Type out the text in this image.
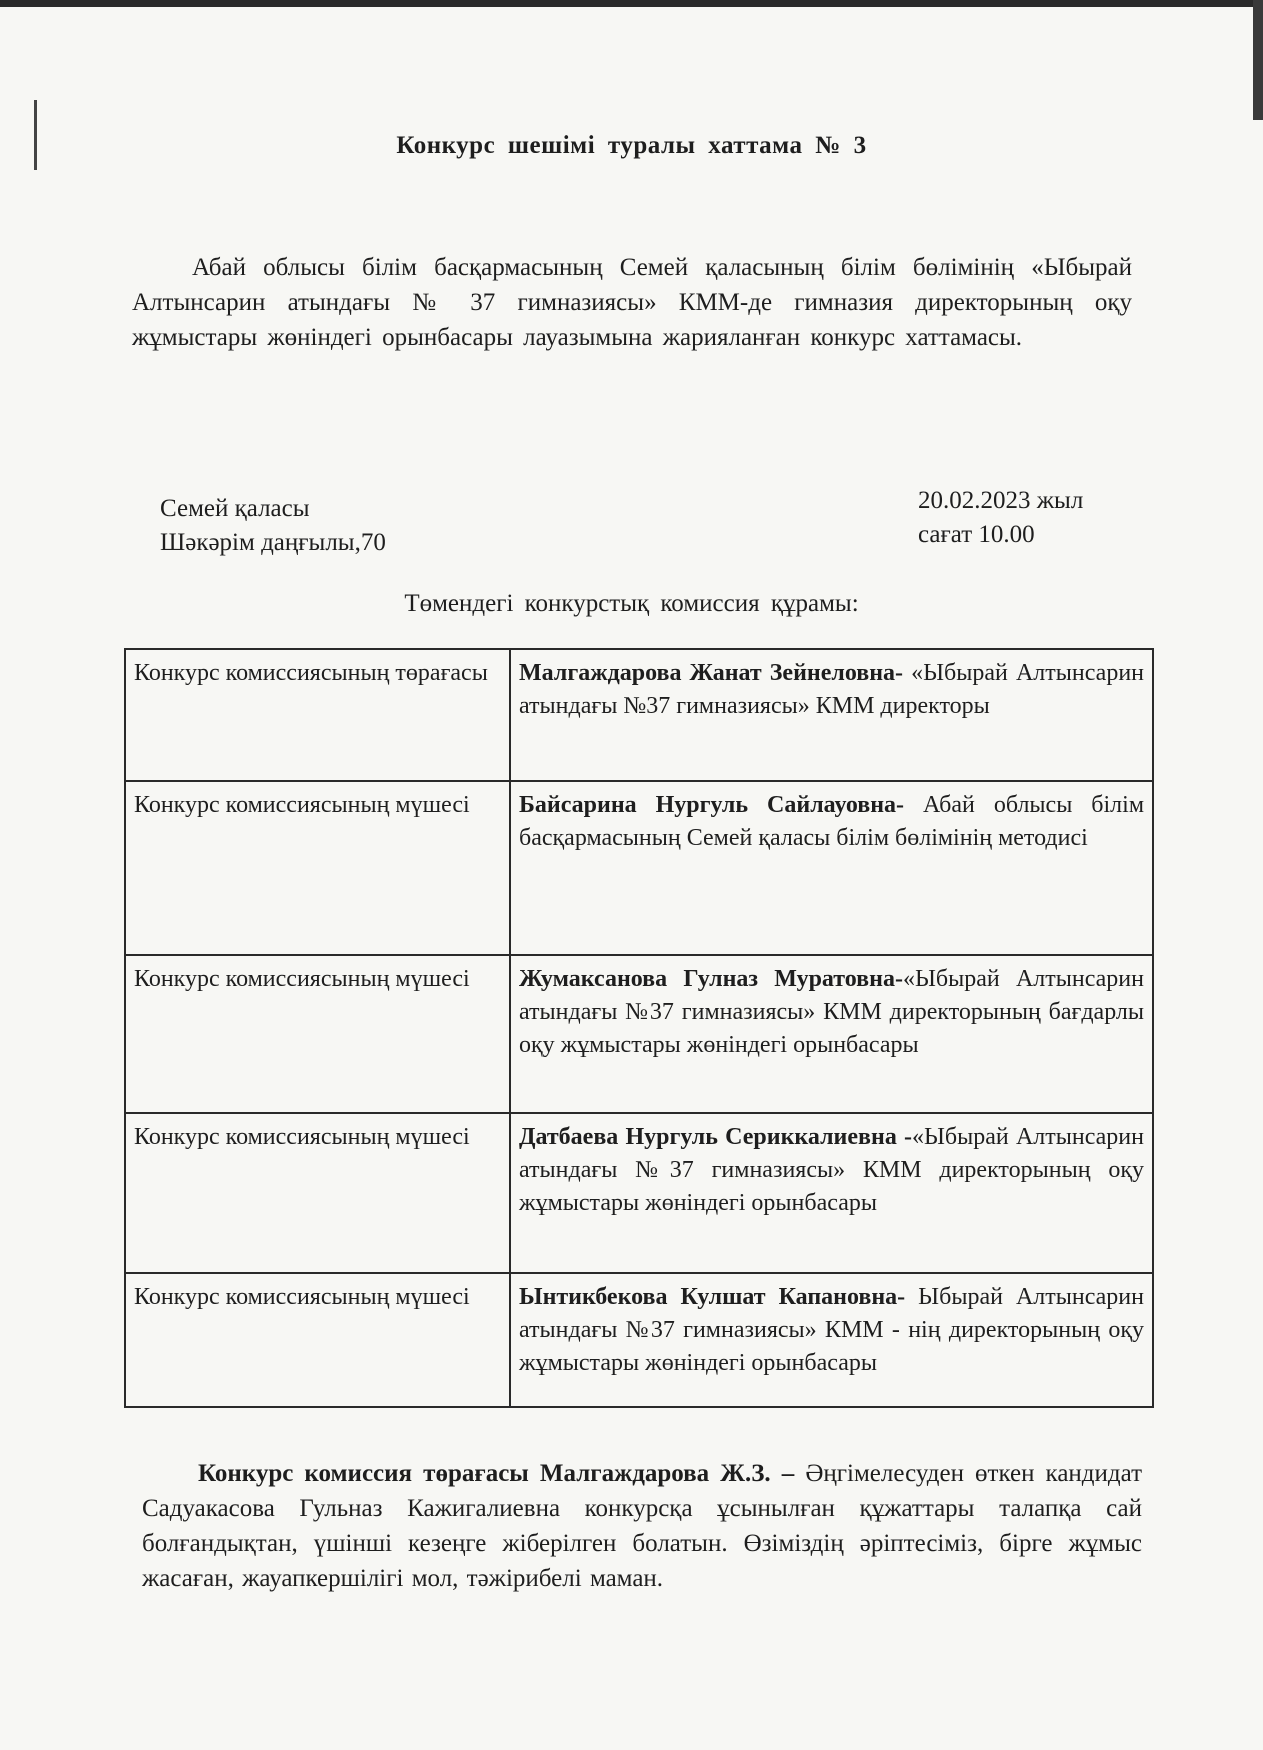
Конкурс шешімі туралы хаттама № 3
Абай облысы білім басқармасының Семей қаласының білім бөлімінің «Ыбырай Алтынсарин атындағы № 37 гимназиясы» КММ-де гимназия директорының оқу жұмыстары жөніндегі орынбасары лауазымына жарияланған конкурс хаттамасы.
Семей қаласы
Шәкәрім даңғылы,70
20.02.2023 жыл
сағат 10.00
Төмендегі конкурстық комиссия құрамы:
Конкурс комиссиясының төрағасы	Малгаждарова Жанат Зейнеловна- «Ыбырай Алтынсарин атындағы №37 гимназиясы» КММ директоры
Конкурс комиссиясының мүшесі	Байсарина Нургуль Сайлауовна- Абай облысы білім басқармасының Семей қаласы білім бөлімінің методисі
Конкурс комиссиясының мүшесі	Жумаксанова Гулназ Муратовна-«Ыбырай Алтынсарин атындағы №37 гимназиясы» КММ директорының бағдарлы оқу жұмыстары жөніндегі орынбасары
Конкурс комиссиясының мүшесі	Датбаева Нургуль Сериккалиевна -«Ыбырай Алтынсарин атындағы №37 гимназиясы» КММ директорының оқу жұмыстары жөніндегі орынбасары
Конкурс комиссиясының мүшесі	Ынтикбекова Кулшат Капановна- Ыбырай Алтынсарин атындағы №37 гимназиясы» КММ - нің директорының оқу жұмыстары жөніндегі орынбасары
Конкурс комиссия төрағасы Малгаждарова Ж.З. – Әңгімелесуден өткен кандидат Садуакасова Гульназ Кажигалиевна конкурсқа ұсынылған құжаттары талапқа сай болғандықтан, үшінші кезеңге жіберілген болатын. Өзіміздің әріптесіміз, бірге жұмыс жасаған, жауапкершілігі мол, тәжірибелі маман.
